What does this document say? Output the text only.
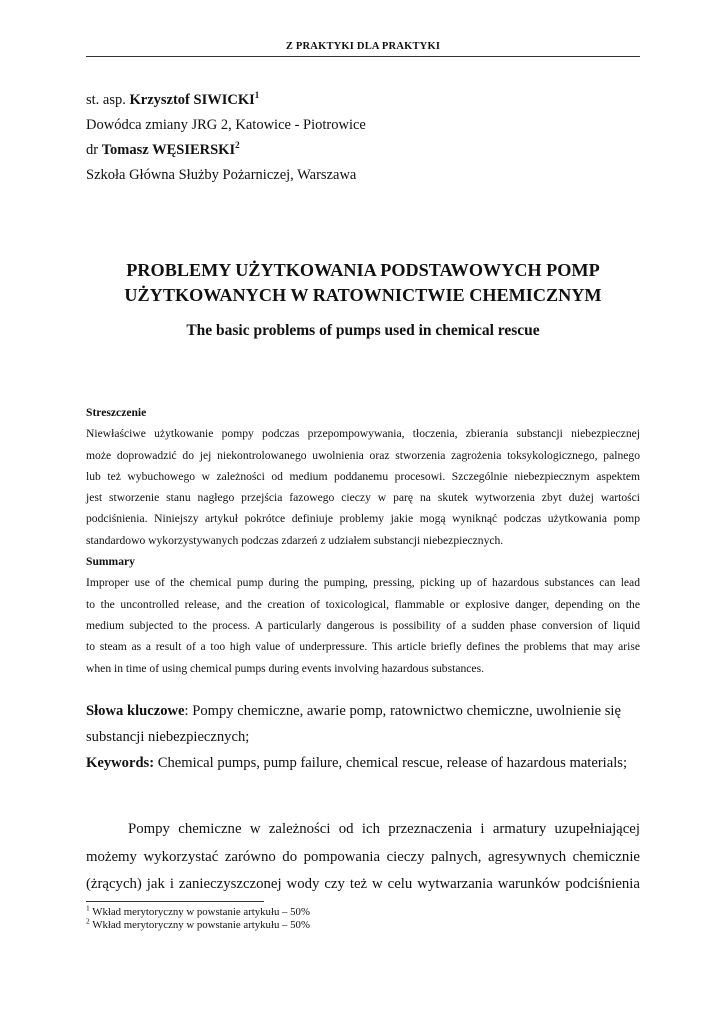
Z PRAKTYKI DLA PRAKTYKI
st. asp. Krzysztof SIWICKI$^1$
Dowódca zmiany JRG 2, Katowice - Piotrowice
dr Tomasz WĘSIERSKI$^2$
Szkoła Główna Służby Pożarniczej, Warszawa
PROBLEMY UŻYTKOWANIA PODSTAWOWYCH POMP
UŻYTKOWANYCH W RATOWNICTWIE CHEMICZNYM
The basic problems of pumps used in chemical rescue
Streszczenie
Niewłaściwe użytkowanie pompy podczas przepompowywania, tłoczenia, zbierania substancji niebezpiecznej
może doprowadzić do jej niekontrolowanego uwolnienia oraz stworzenia zagrożenia toksykologicznego, palnego
lub też wybuchowego w zależności od medium poddanemu procesowi. Szczególnie niebezpiecznym aspektem
jest stworzenie stanu nagłego przejścia fazowego cieczy w parę na skutek wytworzenia zbyt dużej wartości
podciśnienia. Niniejszy artykuł pokrótce definiuje problemy jakie mogą wyniknąć podczas użytkowania pomp
standardowo wykorzystywanych podczas zdarzeń z udziałem substancji niebezpiecznych.
Summary
Improper use of the chemical pump during the pumping, pressing, picking up of hazardous substances can lead
to the uncontrolled release, and the creation of toxicological, flammable or explosive danger, depending on the
medium subjected to the process. A particularly dangerous is possibility of a sudden phase conversion of liquid
to steam as a result of a too high value of underpressure. This article briefly defines the problems that may arise
when in time of using chemical pumps during events involving hazardous substances.
Słowa kluczowe: Pompy chemiczne, awarie pomp, ratownictwo chemiczne, uwolnienie się
substancji niebezpiecznych;
Keywords: Chemical pumps, pump failure, chemical rescue, release of hazardous materials;
Pompy chemiczne w zależności od ich przeznaczenia i armatury uzupełniającej
możemy wykorzystać zarówno do pompowania cieczy palnych, agresywnych chemicznie
(żrących) jak i zanieczyszczonej wody czy też w celu wytwarzania warunków podciśnienia
$^1$ Wkład merytoryczny w powstanie artykułu – 50%
$^2$ Wkład merytoryczny w powstanie artykułu – 50%
